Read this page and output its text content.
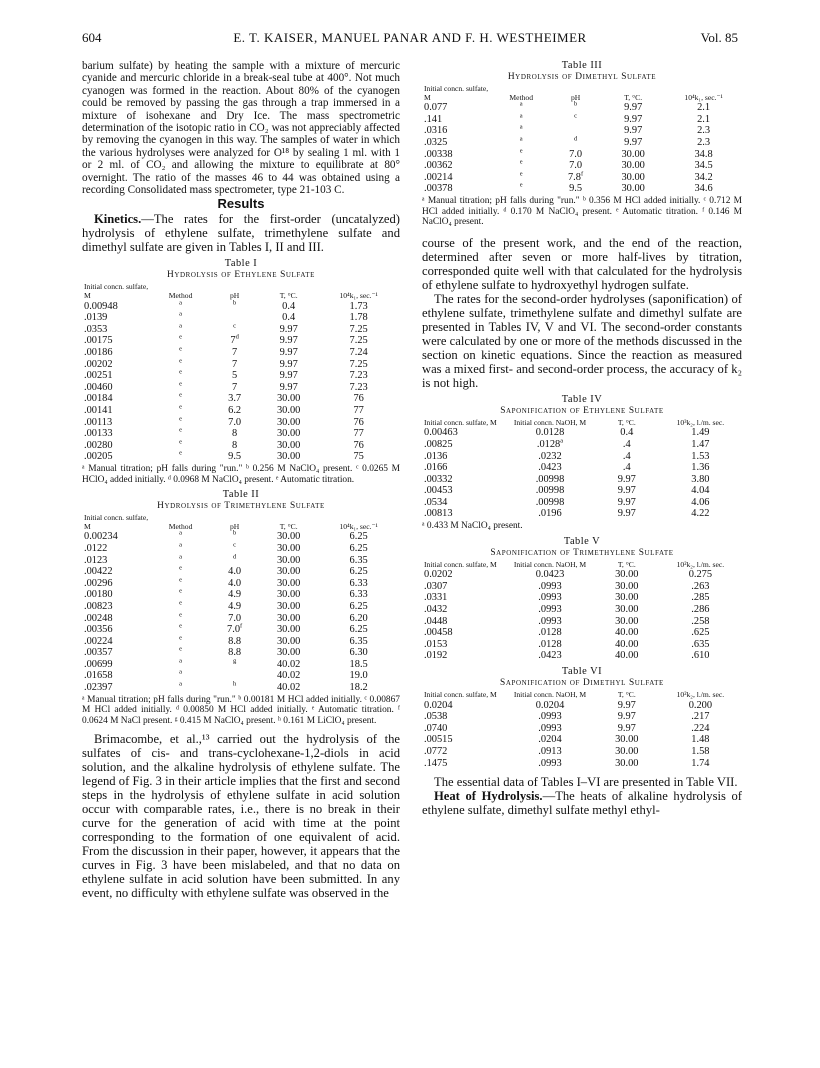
604	E. T. KAISER, MANUEL PANAR AND F. H. WESTHEIMER	Vol. 85

barium sulfate) by heating the sample with a mixture of mercuric cyanide and mercuric chloride in a break-seal tube at 400°. Not much cyanogen was formed in the reaction. About 80% of the cyanogen could be removed by passing the gas through a trap immersed in a mixture of isohexane and Dry Ice. The mass spectrometric determination of the isotopic ratio in CO₂ was not appreciably affected by removing the cyanogen in this way. The samples of water in which the various hydrolyses were analyzed for O¹⁸ by sealing 1 ml. with 1 or 2 ml. of CO₂ and allowing the mixture to equilibrate at 80° overnight. The ratio of the masses 46 to 44 was obtained using a recording Consolidated mass spectrometer, type 21-103 C.

Results

Kinetics.—The rates for the first-order (uncatalyzed) hydrolysis of ethylene sulfate, trimethylene sulfate and dimethyl sulfate are given in Tables I, II and III.

Table I
Hydrolysis of Ethylene Sulfate
Initial concn. sulfate, M	Method	pH	T, °C.	10⁴k₁, sec.⁻¹
0.00948	$^a$	$^b$	0.4	1.73
.0139	$^a$		0.4	1.78
.0353	$^a$	$^c$	9.97	7.25
.00175	$^e$	7$^d$	9.97	7.25
.00186	$^e$	7	9.97	7.24
.00202	$^e$	7	9.97	7.25
.00251	$^e$	5	9.97	7.23
.00460	$^e$	7	9.97	7.23
.00184	$^e$	3.7	30.00	76
.00141	$^e$	6.2	30.00	77
.00113	$^e$	7.0	30.00	76
.00133	$^e$	8	30.00	77
.00280	$^e$	8	30.00	76
.00205	$^e$	9.5	30.00	75
ᵃ Manual titration; pH falls during "run." ᵇ 0.256 M NaClO₄ present. ᶜ 0.0265 M HClO₄ added initially. ᵈ 0.0968 M NaClO₄ present. ᵉ Automatic titration.
Table II
Hydrolysis of Trimethylene Sulfate
Initial concn. sulfate, M	Method	pH	T, °C.	10⁴k₁, sec.⁻¹
0.00234	$^a$	$^b$	30.00	6.25
.0122	$^a$	$^c$	30.00	6.25
.0123	$^a$	$^d$	30.00	6.35
.00422	$^e$	4.0	30.00	6.25
.00296	$^e$	4.0	30.00	6.33
.00180	$^e$	4.9	30.00	6.33
.00823	$^e$	4.9	30.00	6.25
.00248	$^e$	7.0	30.00	6.20
.00356	$^e$	7.0$^f$	30.00	6.25
.00224	$^e$	8.8	30.00	6.35
.00357	$^e$	8.8	30.00	6.30
.00699	$^a$	$^g$	40.02	18.5
.01658	$^a$		40.02	19.0
.02397	$^a$	$^h$	40.02	18.2
ᵃ Manual titration; pH falls during "run." ᵇ 0.00181 M HCl added initially. ᶜ 0.00867 M HCl added initially. ᵈ 0.00850 M HCl added initially. ᵉ Automatic titration. ᶠ 0.0624 M NaCl present. ᵍ 0.415 M NaClO₄ present. ʰ 0.161 M LiClO₄ present.

Brimacombe, et al.,¹³ carried out the hydrolysis of the sulfates of cis- and trans-cyclohexane-1,2-diols in acid solution, and the alkaline hydrolysis of ethylene sulfate. The legend of Fig. 3 in their article implies that the first and second steps in the hydrolysis of ethylene sulfate in acid solution occur with comparable rates, i.e., there is no break in their curve for the generation of acid with time at the point corresponding to the formation of one equivalent of acid. From the discussion in their paper, however, it appears that the curves in Fig. 3 have been mislabeled, and that no data on ethylene sulfate in acid solution have been submitted. In any event, no difficulty with ethylene sulfate was observed in the

Table III
Hydrolysis of Dimethyl Sulfate
Initial concn. sulfate, M	Method	pH	T, °C.	10⁴k₁, sec.⁻¹
0.077	$^a$	$^b$	9.97	2.1
.141	$^a$	$^c$	9.97	2.1
.0316	$^a$		9.97	2.3
.0325	$^a$	$^d$	9.97	2.3
.00338	$^e$	7.0	30.00	34.8
.00362	$^e$	7.0	30.00	34.5
.00214	$^e$	7.8$^f$	30.00	34.2
.00378	$^e$	9.5	30.00	34.6
ᵃ Manual titration; pH falls during "run." ᵇ 0.356 M HCl added initially. ᶜ 0.712 M HCl added initially. ᵈ 0.170 M NaClO₄ present. ᵉ Automatic titration. ᶠ 0.146 M NaClO₄ present.

course of the present work, and the end of the reaction, determined after seven or more half-lives by titration, corresponded quite well with that calculated for the hydrolysis of ethylene sulfate to hydroxyethyl hydrogen sulfate.

The rates for the second-order hydrolyses (saponification) of ethylene sulfate, trimethylene sulfate and dimethyl sulfate are presented in Tables IV, V and VI. The second-order constants were calculated by one or more of the methods discussed in the section on kinetic equations. Since the reaction as measured was a mixed first- and second-order process, the accuracy of k₂ is not high.

Table IV
Saponification of Ethylene Sulfate
Initial concn. sulfate, M	Initial concn. NaOH, M	T, °C.	10³k₂, l./m. sec.
0.00463	0.0128	0.4	1.49
.00825	.0128$^a$	.4	1.47
.0136	.0232	.4	1.53
.0166	.0423	.4	1.36
.00332	.00998	9.97	3.80
.00453	.00998	9.97	4.04
.0534	.00998	9.97	4.06
.00813	.0196	9.97	4.22
ᵃ 0.433 M NaClO₄ present.
Table V
Saponification of Trimethylene Sulfate
Initial concn. sulfate, M	Initial concn. NaOH, M	T, °C.	10²k₂, l./m. sec.
0.0202	0.0423	30.00	0.275
.0307	.0993	30.00	.263
.0331	.0993	30.00	.285
.0432	.0993	30.00	.286
.0448	.0993	30.00	.258
.00458	.0128	40.00	.625
.0153	.0128	40.00	.635
.0192	.0423	40.00	.610
Table VI
Saponification of Dimethyl Sulfate
Initial concn. sulfate, M	Initial concn. NaOH, M	T, °C.	10²k₂, l./m. sec.
0.0204	0.0204	9.97	0.200
.0538	.0993	9.97	.217
.0740	.0993	9.97	.224
.00515	.0204	30.00	1.48
.0772	.0913	30.00	1.58
.1475	.0993	30.00	1.74

The essential data of Tables I–VI are presented in Table VII.

Heat of Hydrolysis.—The heats of alkaline hydrolysis of ethylene sulfate, dimethyl sulfate methyl ethyl-
